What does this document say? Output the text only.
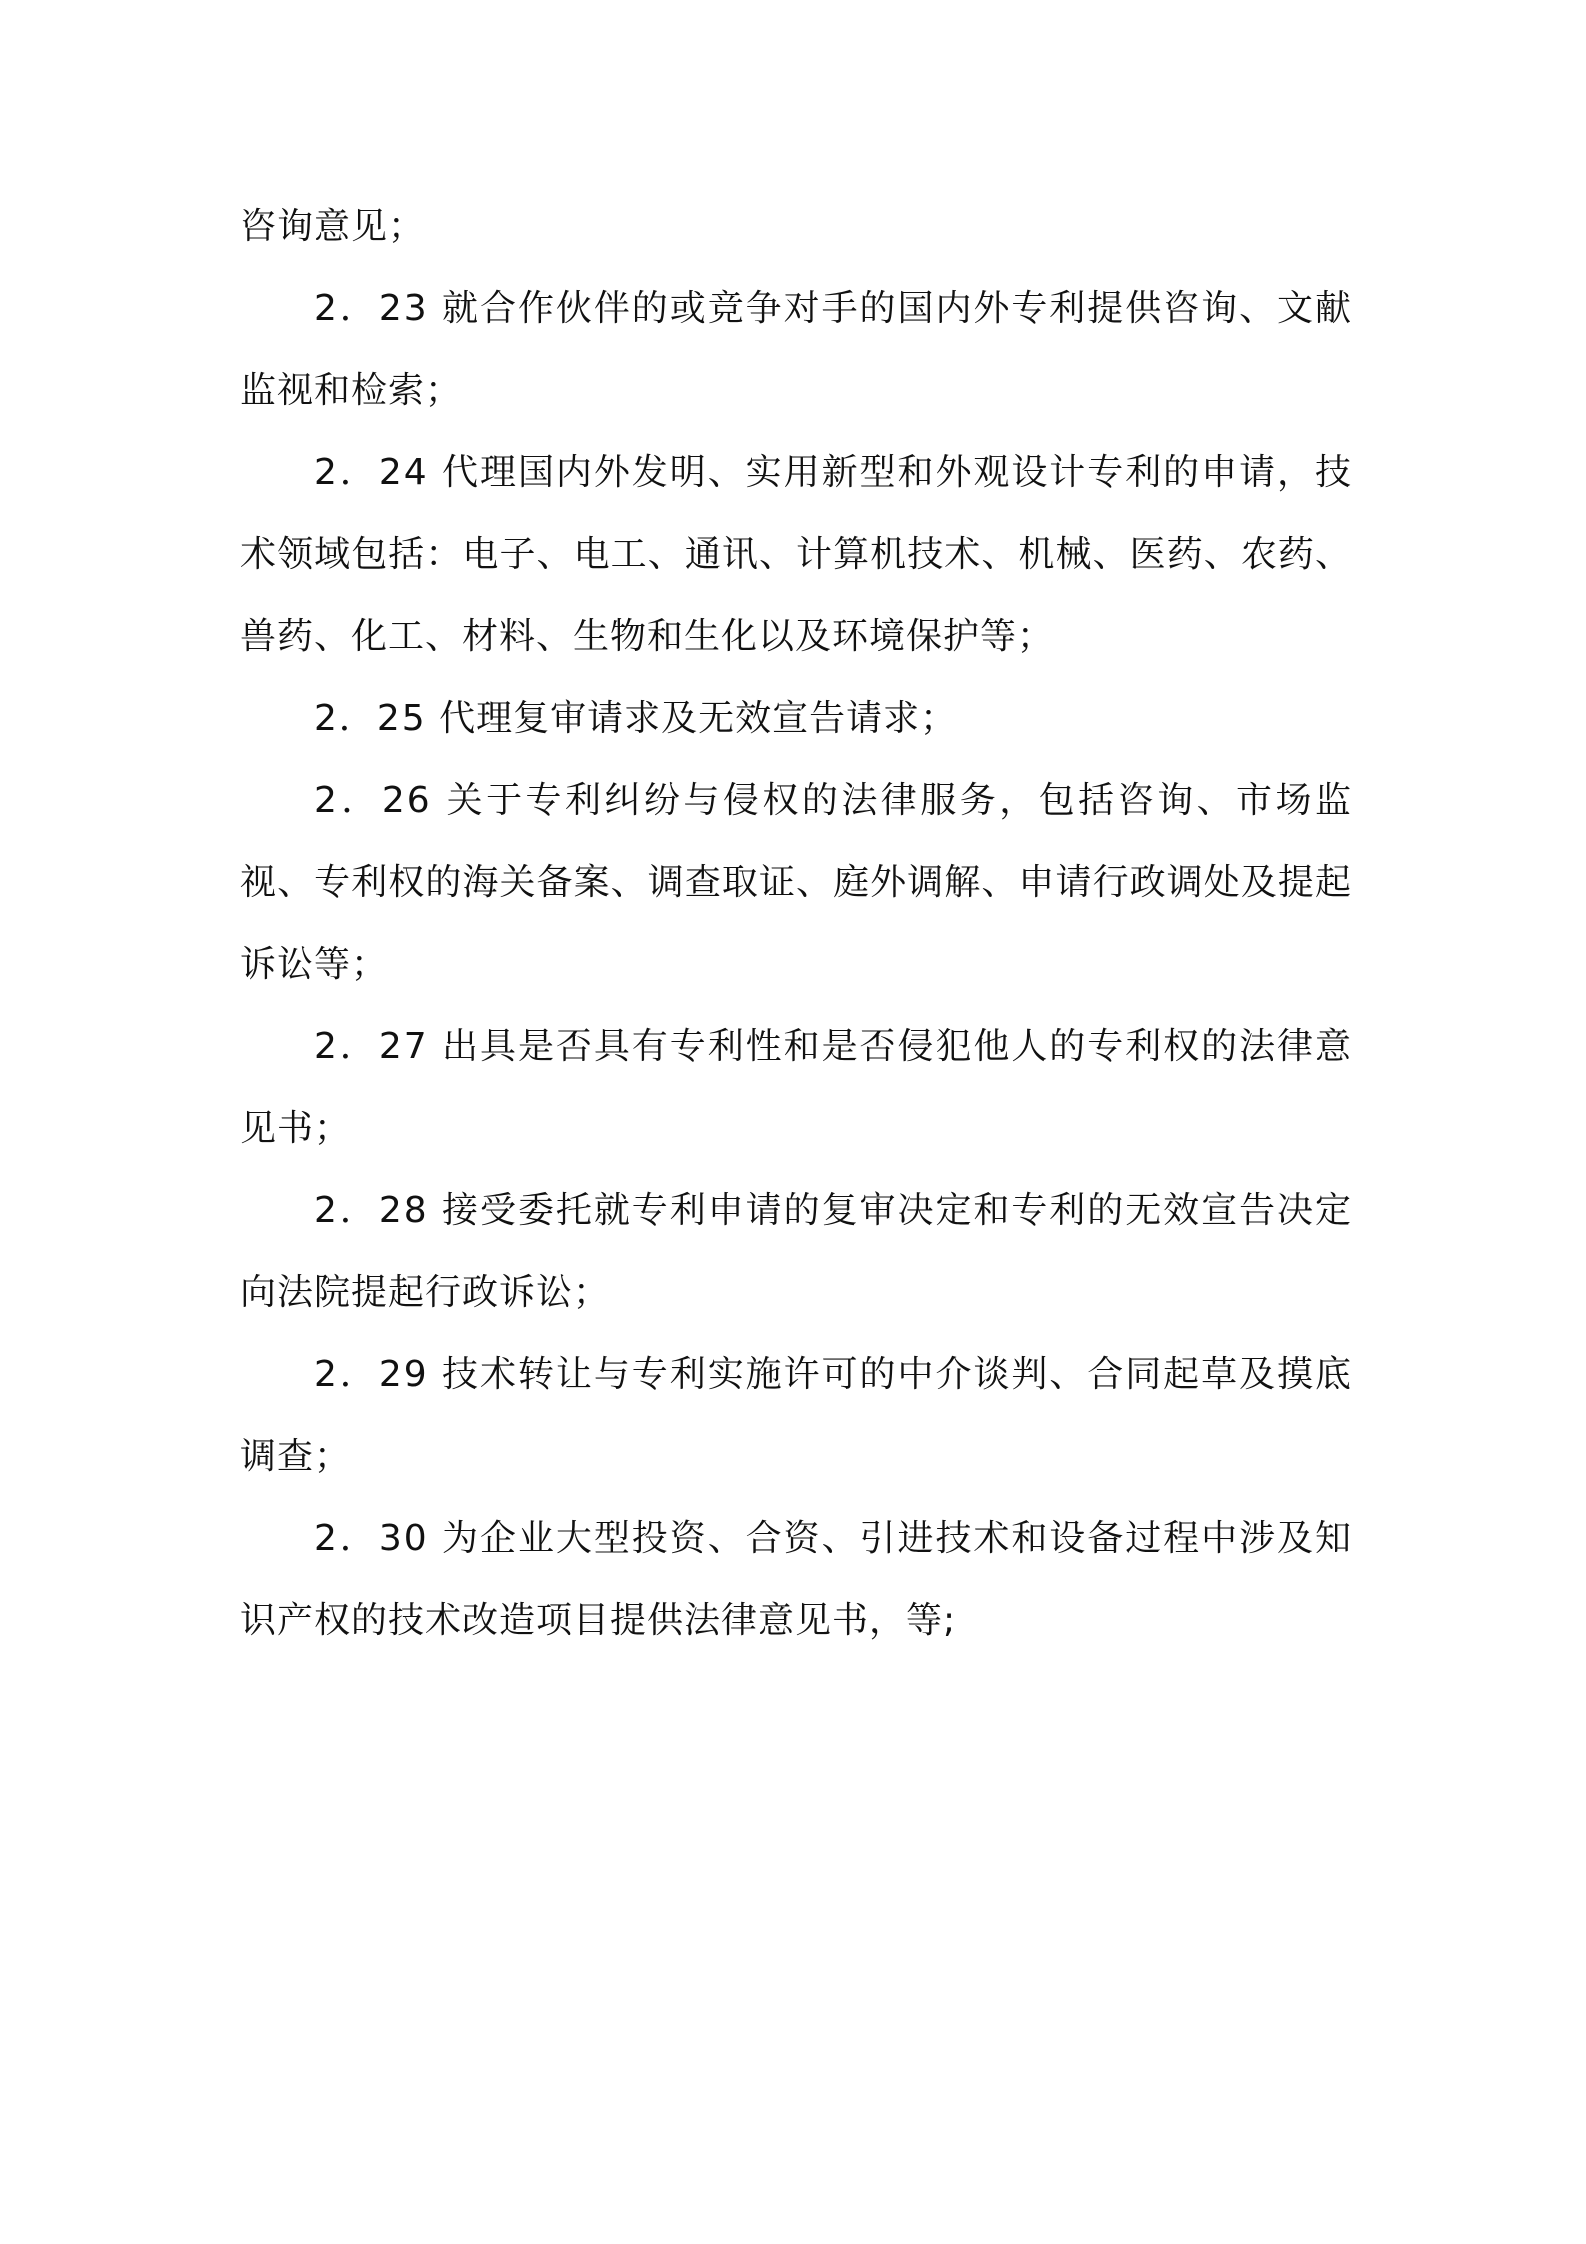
咨询意见；

2．23 就合作伙伴的或竞争对手的国内外专利提供咨询、文献监视和检索；

2．24 代理国内外发明、实用新型和外观设计专利的申请，技术领域包括：电子、电工、通讯、计算机技术、机械、医药、农药、兽药、化工、材料、生物和生化以及环境保护等；

2．25 代理复审请求及无效宣告请求；

2．26 关于专利纠纷与侵权的法律服务，包括咨询、市场监视、专利权的海关备案、调查取证、庭外调解、申请行政调处及提起诉讼等；

2．27 出具是否具有专利性和是否侵犯他人的专利权的法律意见书；

2．28 接受委托就专利申请的复审决定和专利的无效宣告决定向法院提起行政诉讼；

2．29 技术转让与专利实施许可的中介谈判、合同起草及摸底调查；

2．30 为企业大型投资、合资、引进技术和设备过程中涉及知识产权的技术改造项目提供法律意见书，等;
